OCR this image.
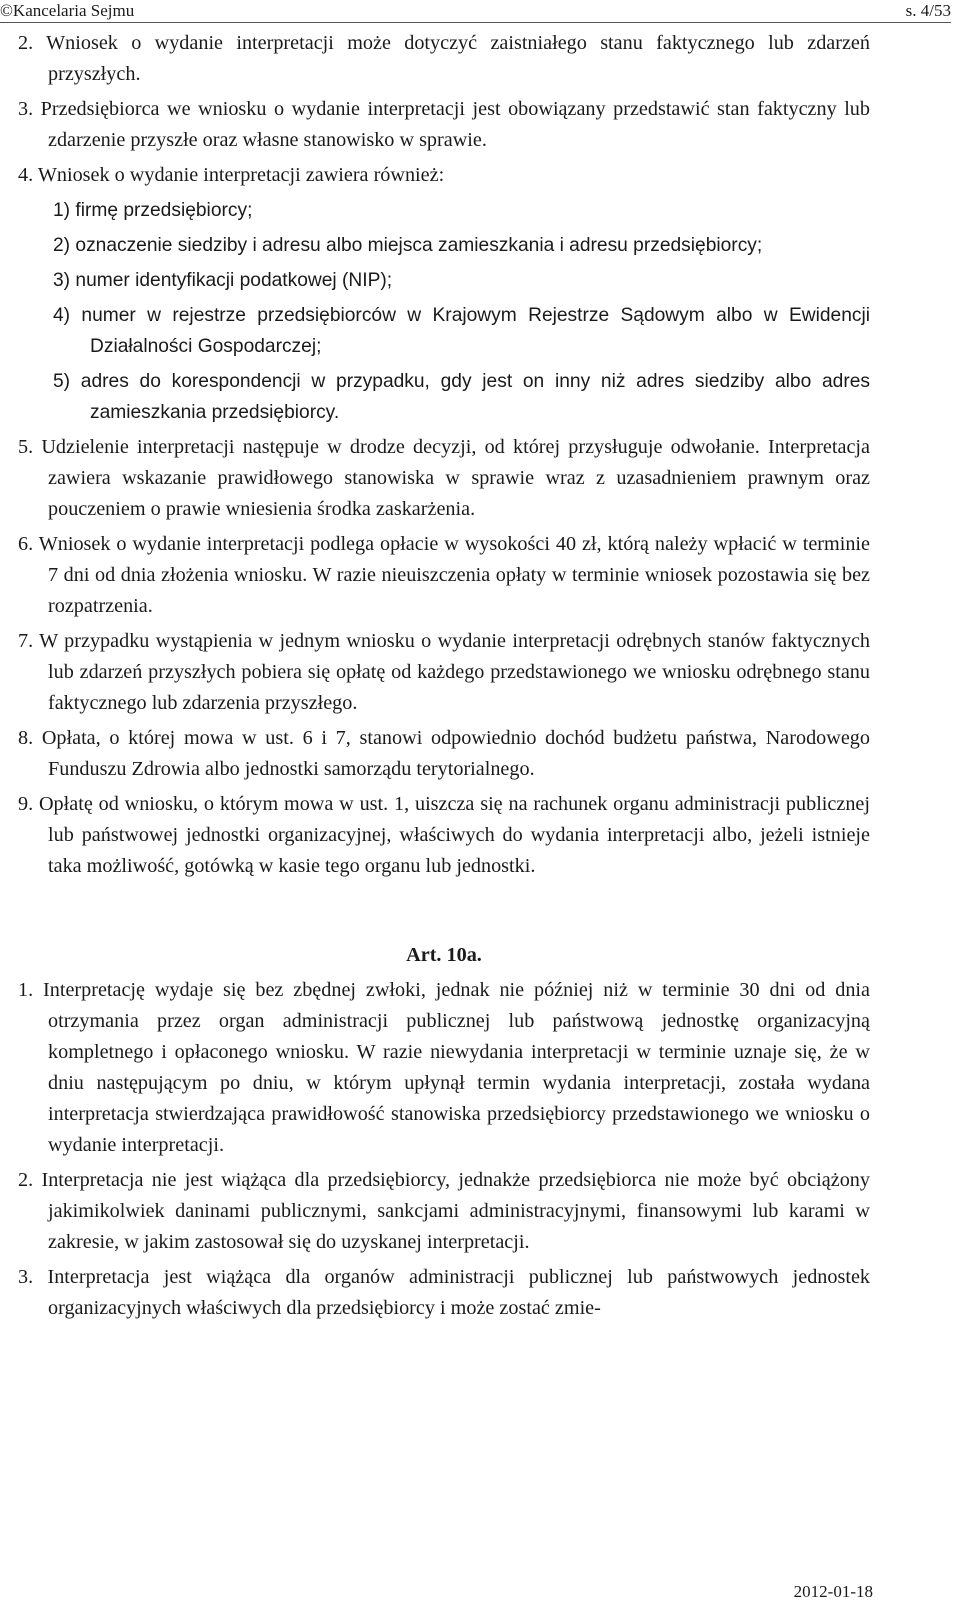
©Kancelaria Sejmu	s. 4/53

2. Wniosek o wydanie interpretacji może dotyczyć zaistniałego stanu faktycznego lub zdarzeń przyszłych.

3. Przedsiębiorca we wniosku o wydanie interpretacji jest obowiązany przedstawić stan faktyczny lub zdarzenie przyszłe oraz własne stanowisko w sprawie.

4. Wniosek o wydanie interpretacji zawiera również:

1) firmę przedsiębiorcy;

2) oznaczenie siedziby i adresu albo miejsca zamieszkania i adresu przedsiębiorcy;

3) numer identyfikacji podatkowej (NIP);

4) numer w rejestrze przedsiębiorców w Krajowym Rejestrze Sądowym albo w Ewidencji Działalności Gospodarczej;

5) adres do korespondencji w przypadku, gdy jest on inny niż adres siedziby albo adres zamieszkania przedsiębiorcy.

5. Udzielenie interpretacji następuje w drodze decyzji, od której przysługuje odwołanie. Interpretacja zawiera wskazanie prawidłowego stanowiska w sprawie wraz z uzasadnieniem prawnym oraz pouczeniem o prawie wniesienia środka zaskarżenia.

6. Wniosek o wydanie interpretacji podlega opłacie w wysokości 40 zł, którą należy wpłacić w terminie 7 dni od dnia złożenia wniosku. W razie nieuiszczenia opłaty w terminie wniosek pozostawia się bez rozpatrzenia.

7. W przypadku wystąpienia w jednym wniosku o wydanie interpretacji odrębnych stanów faktycznych lub zdarzeń przyszłych pobiera się opłatę od każdego przedstawionego we wniosku odrębnego stanu faktycznego lub zdarzenia przyszłego.

8. Opłata, o której mowa w ust. 6 i 7, stanowi odpowiednio dochód budżetu państwa, Narodowego Funduszu Zdrowia albo jednostki samorządu terytorialnego.

9. Opłatę od wniosku, o którym mowa w ust. 1, uiszcza się na rachunek organu administracji publicznej lub państwowej jednostki organizacyjnej, właściwych do wydania interpretacji albo, jeżeli istnieje taka możliwość, gotówką w kasie tego organu lub jednostki.

Art. 10a.

1. Interpretację wydaje się bez zbędnej zwłoki, jednak nie później niż w terminie 30 dni od dnia otrzymania przez organ administracji publicznej lub państwową jednostkę organizacyjną kompletnego i opłaconego wniosku. W razie niewydania interpretacji w terminie uznaje się, że w dniu następującym po dniu, w którym upłynął termin wydania interpretacji, została wydana interpretacja stwierdzająca prawidłowość stanowiska przedsiębiorcy przedstawionego we wniosku o wydanie interpretacji.

2. Interpretacja nie jest wiążąca dla przedsiębiorcy, jednakże przedsiębiorca nie może być obciążony jakimikolwiek daninami publicznymi, sankcjami administracyjnymi, finansowymi lub karami w zakresie, w jakim zastosował się do uzyskanej interpretacji.

3. Interpretacja jest wiążąca dla organów administracji publicznej lub państwowych jednostek organizacyjnych właściwych dla przedsiębiorcy i może zostać zmie-

2012-01-18
